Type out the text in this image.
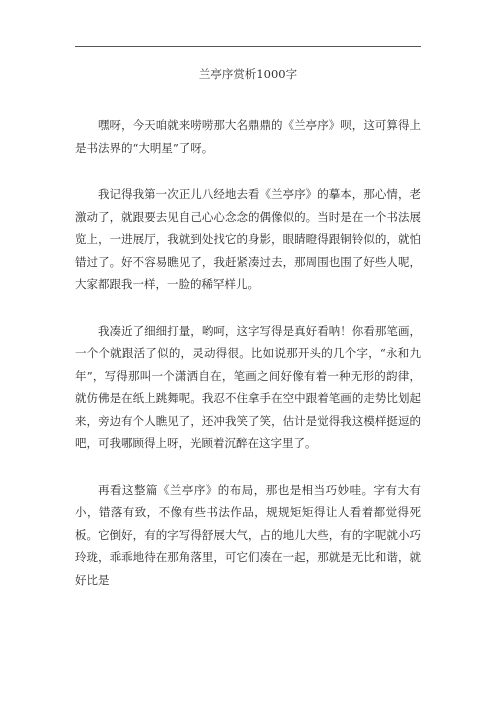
兰亭序赏析1000字

嘿呀，今天咱就来唠唠那大名鼎鼎的《兰亭序》呗，这可算得上是书法界的“大明星”了呀。

我记得我第一次正儿八经地去看《兰亭序》的摹本，那心情，老激动了，就跟要去见自己心心念念的偶像似的。当时是在一个书法展览上，一进展厅，我就到处找它的身影，眼睛瞪得跟铜铃似的，就怕错过了。好不容易瞧见了，我赶紧凑过去，那周围也围了好些人呢，大家都跟我一样，一脸的稀罕样儿。

我凑近了细细打量，哟呵，这字写得是真好看呐！你看那笔画，一个个就跟活了似的，灵动得很。比如说那开头的几个字，“永和九年”，写得那叫一个潇洒自在，笔画之间好像有着一种无形的韵律，就仿佛是在纸上跳舞呢。我忍不住拿手在空中跟着笔画的走势比划起来，旁边有个人瞧见了，还冲我笑了笑，估计是觉得我这模样挺逗的吧，可我哪顾得上呀，光顾着沉醉在这字里了。

再看这整篇《兰亭序》的布局，那也是相当巧妙哇。字有大有小，错落有致，不像有些书法作品，规规矩矩得让人看着都觉得死板。它倒好，有的字写得舒展大气，占的地儿大些，有的字呢就小巧玲珑，乖乖地待在那角落里，可它们凑在一起，那就是无比和谐，就好比是
